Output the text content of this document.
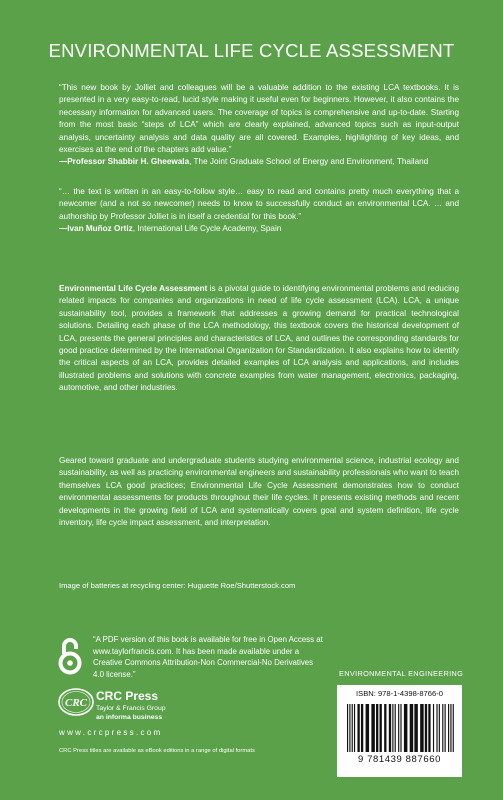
ENVIRONMENTAL LIFE CYCLE ASSESSMENT
“This new book by Jolliet and colleagues will be a valuable addition to the existing LCA textbooks. It is presented in a very easy-to-read, lucid style making it useful even for beginners. However, it also contains the necessary information for advanced users. The coverage of topics is comprehensive and up-to-date. Starting from the most basic “steps of LCA” which are clearly explained, advanced topics such as input-output analysis, uncertainty analysis and data quality are all covered. Examples, highlighting of key ideas, and exercises at the end of the chapters add value.”
—Professor Shabbir H. Gheewala, The Joint Graduate School of Energy and Environment, Thailand
“… the text is written in an easy-to-follow style… easy to read and contains pretty much everything that a newcomer (and a not so newcomer) needs to know to successfully conduct an environmental LCA. … and authorship by Professor Jolliet is in itself a credential for this book.”
—Ivan Muñoz Ortiz, International Life Cycle Academy, Spain
Environmental Life Cycle Assessment is a pivotal guide to identifying environmental problems and reducing related impacts for companies and organizations in need of life cycle assessment (LCA). LCA, a unique sustainability tool, provides a framework that addresses a growing demand for practical technological solutions. Detailing each phase of the LCA methodology, this textbook covers the historical development of LCA, presents the general principles and characteristics of LCA, and outlines the corresponding standards for good practice determined by the International Organization for Standardization. It also explains how to identify the critical aspects of an LCA, provides detailed examples of LCA analysis and applications, and includes illustrated problems and solutions with concrete examples from water management, electronics, packaging, automotive, and other industries.
Geared toward graduate and undergraduate students studying environmental science, industrial ecology and sustainability, as well as practicing environmental engineers and sustainability professionals who want to teach themselves LCA good practices; Environmental Life Cycle Assessment demonstrates how to conduct environmental assessments for products throughout their life cycles. It presents existing methods and recent developments in the growing field of LCA and systematically covers goal and system definition, life cycle inventory, life cycle impact assessment, and interpretation.
Image of batteries at recycling center: Huguette Roe/Shutterstock.com
“A PDF version of this book is available for free in Open Access at www.taylorfrancis.com. It has been made available under a Creative Commons Attribution-Non Commercial-No Derivatives 4.0 license.”
CRC CRC Press
Taylor & Francis Group
an informa business
www.crcpress.com
CRC Press titles are available as eBook editions in a range of digital formats
ENVIRONMENTAL ENGINEERING
ISBN: 978-1-4398-8766-0
9 781439 887660
